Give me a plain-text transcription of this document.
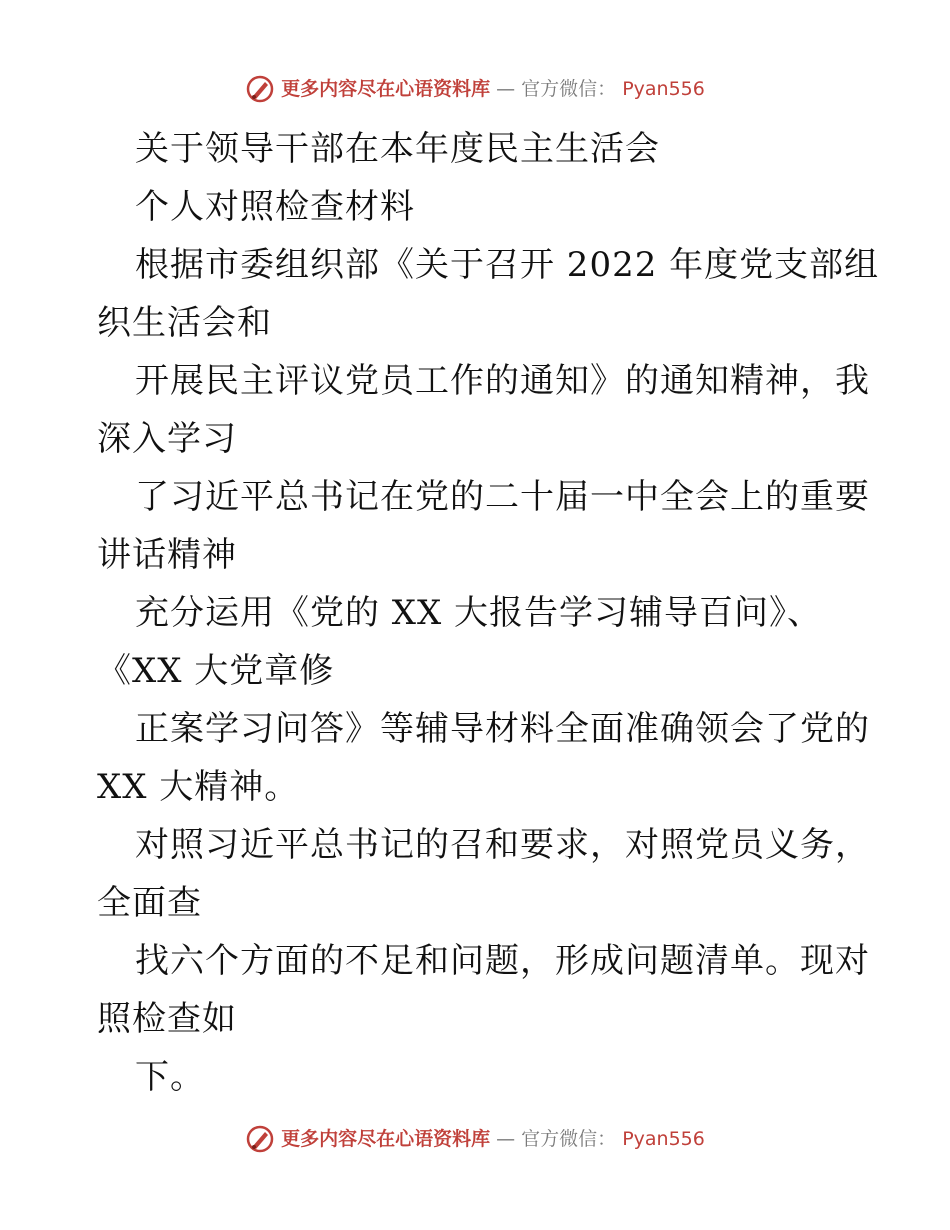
更多内容尽在心语资料库 — 官方微信： Pyan556
关于领导干部在本年度民主生活会
个人对照检查材料
根据市委组织部《关于召开 2022 年度党支部组
织生活会和
开展民主评议党员工作的通知》的通知精神，我
深入学习
了习近平总书记在党的二十届一中全会上的重要
讲话精神
充分运用《党的 XX 大报告学习辅导百问》、
《XX 大党章修
正案学习问答》等辅导材料全面准确领会了党的
XX 大精神。
对照习近平总书记的召和要求，对照党员义务，
全面查
找六个方面的不足和问题，形成问题清单。现对
照检查如
下。
更多内容尽在心语资料库 — 官方微信： Pyan556
